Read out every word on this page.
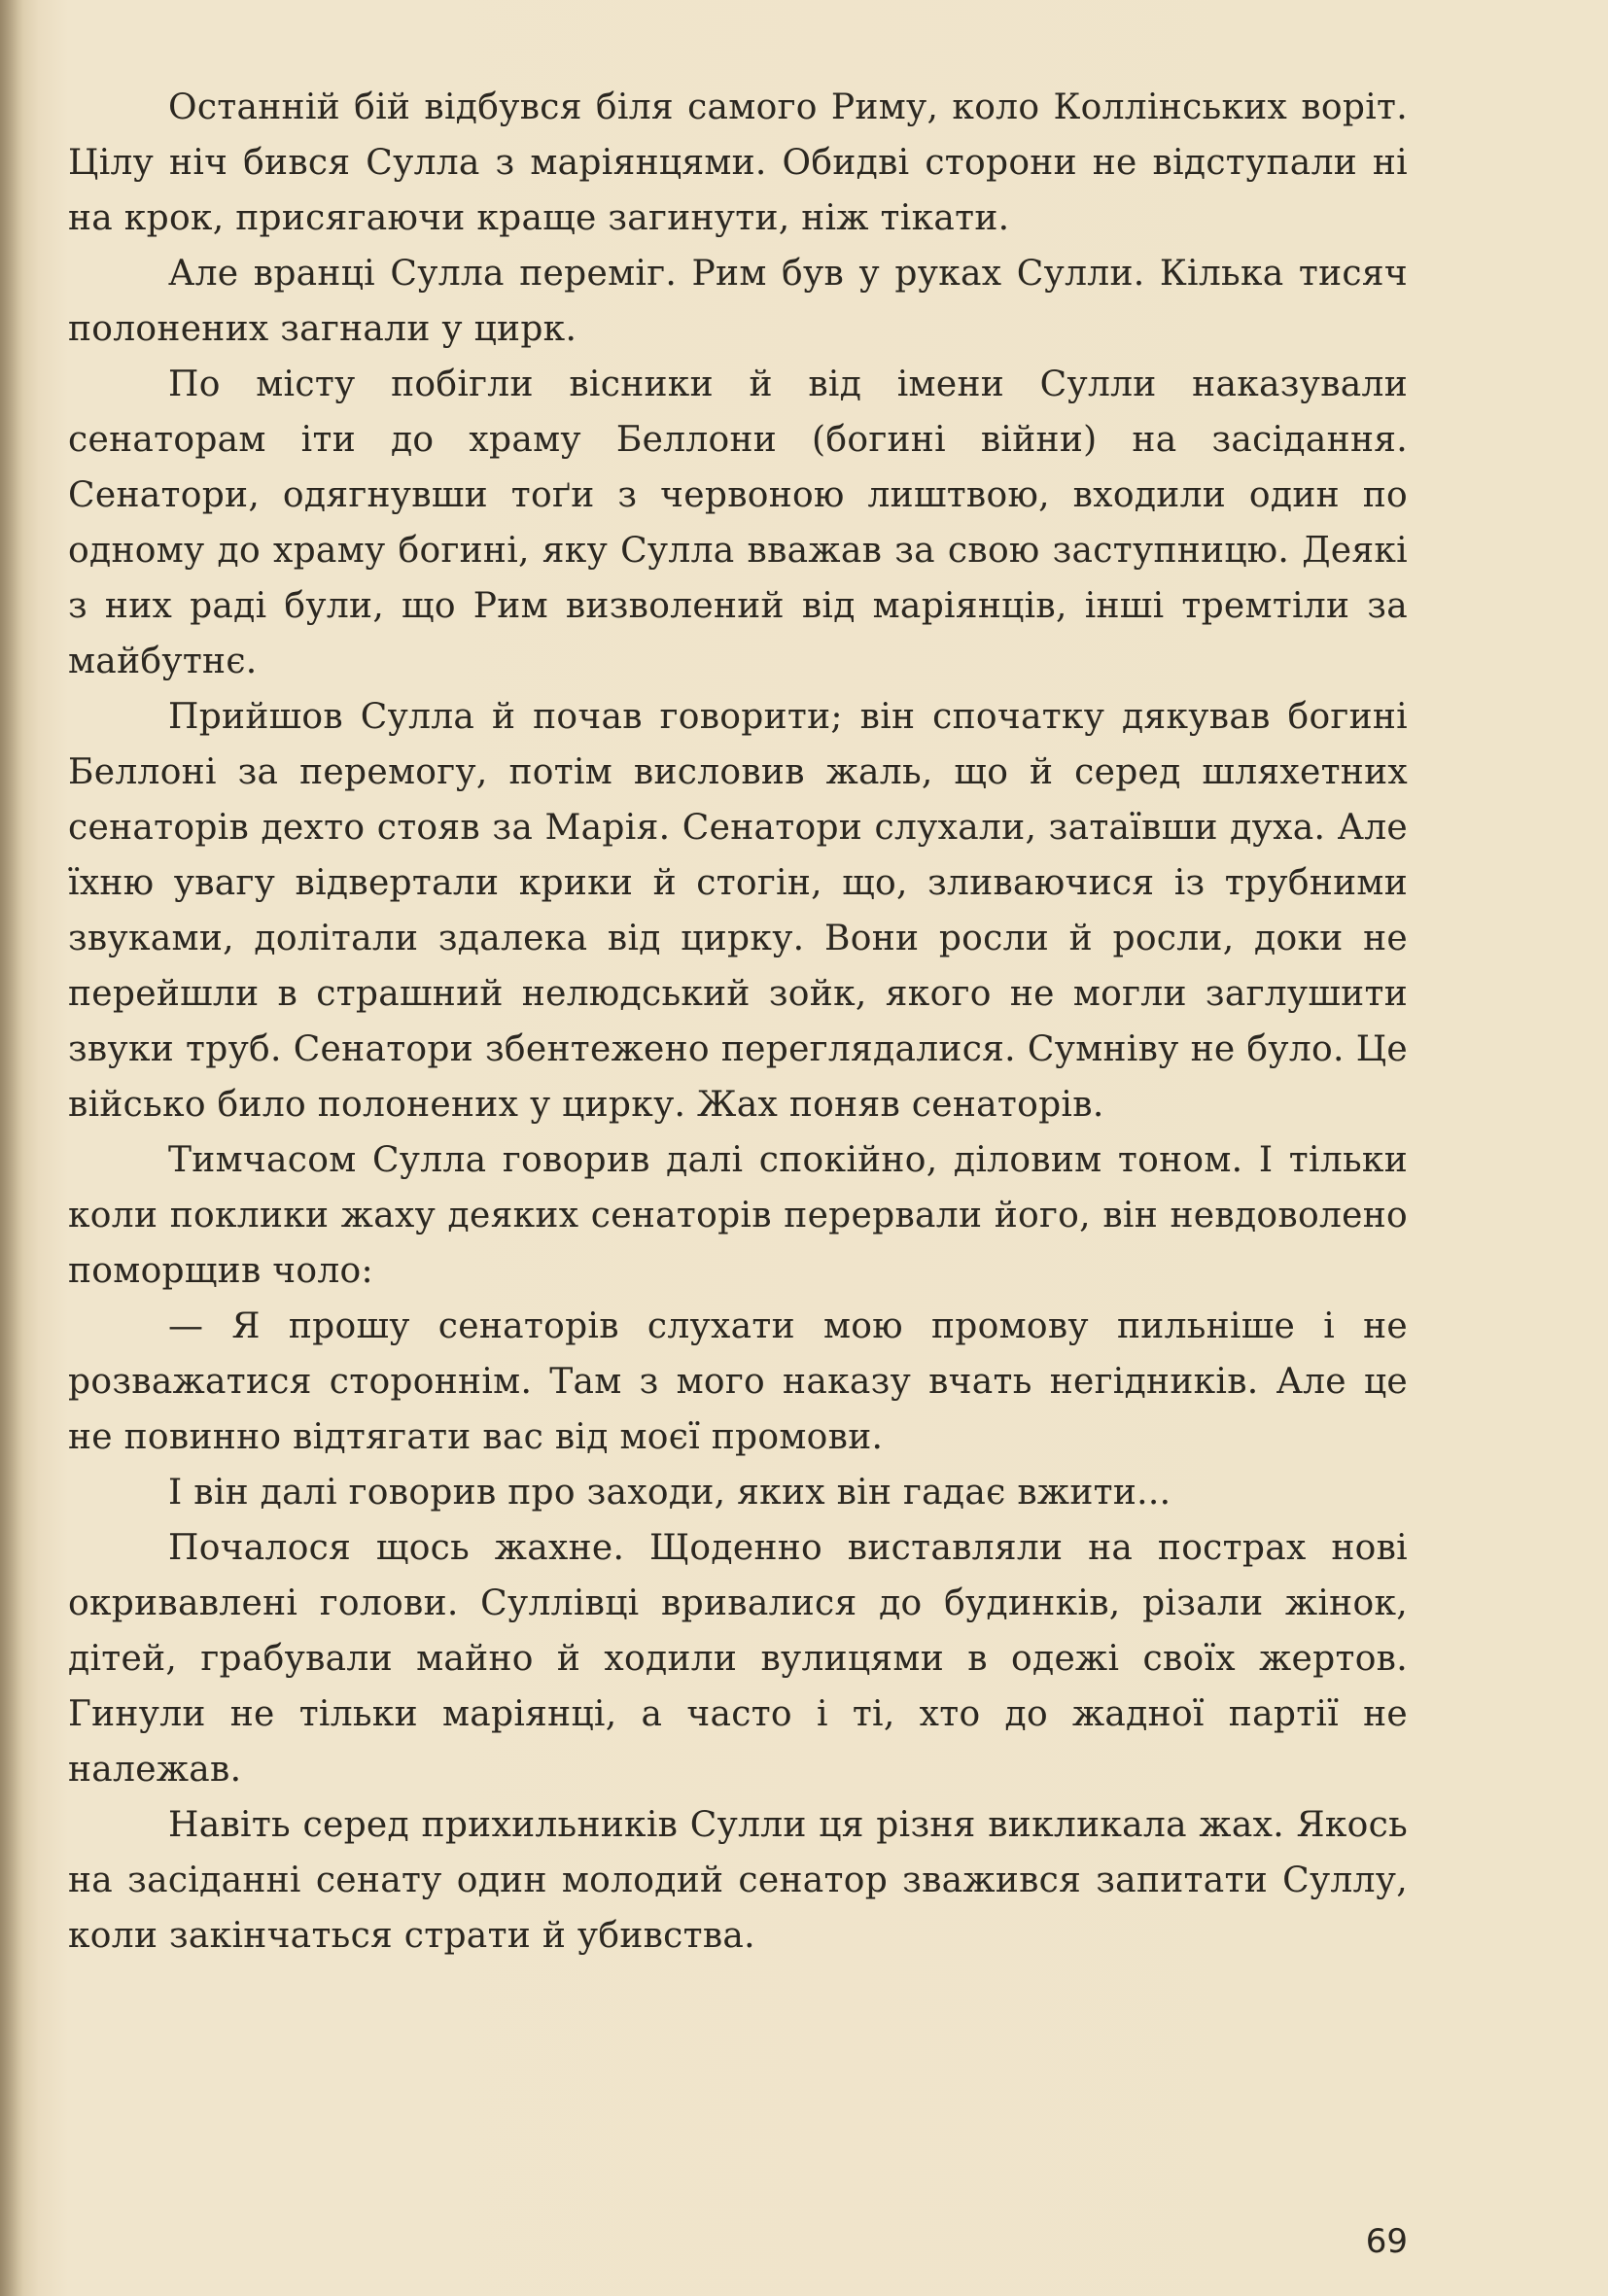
Останній бій відбувся біля самого Риму, коло Коллінських воріт. Цілу ніч бився Сулла з маріянцями. Обидві сторони не відступали ні на крок, присягаючи краще загинути, ніж тікати.

Але вранці Сулла переміг. Рим був у руках Сулли. Кілька тисяч полонених загнали у цирк.

По місту побігли вісники й від імени Сулли наказували сенаторам іти до храму Беллони (богині війни) на засідання. Сенатори, одягнувши тоґи з червоною лиштвою, входили один по одному до храму богині, яку Сулла вважав за свою заступницю. Деякі з них раді були, що Рим визволений від маріянців, інші тремтіли за майбутнє.

Прийшов Сулла й почав говорити; він спочатку дякував богині Беллоні за перемогу, потім висловив жаль, що й серед шляхетних сенаторів дехто стояв за Марія. Сенатори слухали, затаївши духа. Але їхню увагу відвертали крики й стогін, що, зливаючися із трубними звуками, долітали здалека від цирку. Вони росли й росли, доки не перейшли в страшний нелюдський зойк, якого не могли заглушити звуки труб. Сенатори збентежено переглядалися. Сумніву не було. Це військо било полонених у цирку. Жах поняв сенаторів.

Тимчасом Сулла говорив далі спокійно, діловим тоном. І тільки коли поклики жаху деяких сенаторів перервали його, він невдоволено поморщив чоло:

— Я прошу сенаторів слухати мою промову пильніше і не розважатися стороннім. Там з мого наказу вчать негідників. Але це не повинно відтягати вас від моєї промови.

І він далі говорив про заходи, яких він гадає вжити...

Почалося щось жахне. Щоденно виставляли на пострах нові окривавлені голови. Суллівці вривалися до будинків, різали жінок, дітей, грабували майно й ходили вулицями в одежі своїх жертов. Гинули не тільки маріянці, а часто і ті, хто до жадної партії не належав.

Навіть серед прихильників Сулли ця різня викликала жах. Якось на засіданні сенату один молодий сенатор зважився запитати Суллу, коли закінчаться страти й убивства.

69
